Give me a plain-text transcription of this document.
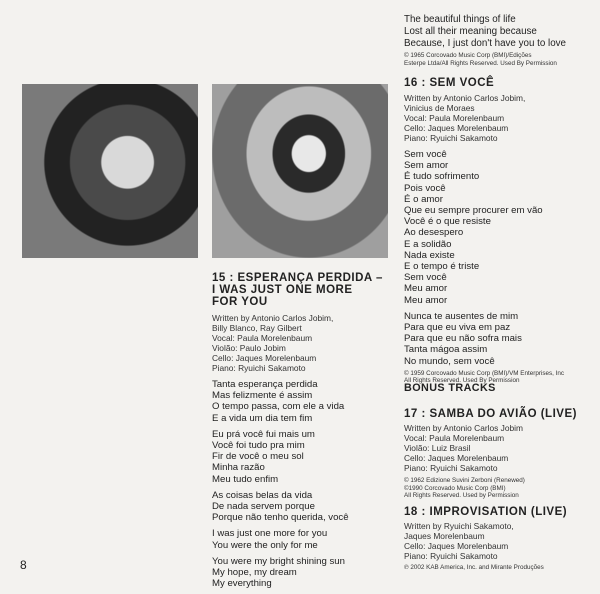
The beautiful things of life

Lost all their meaning because

Because, I just don't have you to love

© 1965 Corcovado Music Corp (BMI)/Edições

Esterpe Ltda/All Rights Reserved. Used By Permission

15 : ESPERANÇA PERDIDA –

I WAS JUST ONE MORE

FOR YOU

Written by Antonio Carlos Jobim,

Billy Blanco, Ray Gilbert

Vocal: Paula Morelenbaum

Violão: Paulo Jobim

Cello: Jaques Morelenbaum

Piano: Ryuichi Sakamoto

Tanta esperança perdida

Mas felizmente é assim

O tempo passa, com ele a vida

E a vida um dia tem fim

Eu prá você fui mais um

Você foi tudo pra mim

Fir de você o meu sol

Minha razão

Meu tudo enfim

As coisas belas da vida

De nada servem porque

Porque não tenho querida, você

I was just one more for you

You were the only for me

You were my bright shining sun

My hope, my dream

My everything

8
16 : SEM VOCÊ

Written by Antonio Carlos Jobim,

Vinicius de Moraes

Vocal: Paula Morelenbaum

Cello: Jaques Morelenbaum

Piano: Ryuichi Sakamoto

Sem você

Sem amor

É tudo sofrimento

Pois você

É o amor

Que eu sempre procurer em vão

Você é o que resiste

Ao desespero

E a solidão

Nada existe

E o tempo é triste

Sem você

Meu amor

Meu amor

Nunca te ausentes de mim

Para que eu viva em paz

Para que eu não sofra mais

Tanta mágoa assim

No mundo, sem você

© 1959 Corcovado Music Corp (BMI)/VM Enterprises, Inc

All Rights Reserved. Used By Permission

BONUS TRACKS
17 : SAMBA DO AVIÃO (LIVE)

Written by Antonio Carlos Jobim

Vocal: Paula Morelenbaum

Violão: Luiz Brasil

Cello: Jaques Morelenbaum

Piano: Ryuichi Sakamoto

© 1962 Edizione Suvini Zerboni (Renewed)

©1990 Corcovado Music Corp (BMI)

All Rights Reserved. Used by Permission

18 : IMPROVISATION (LIVE)

Written by Ryuichi Sakamoto,

Jaques Morelenbaum

Cello: Jaques Morelenbaum

Piano: Ryuichi Sakamoto

℗ 2002 KAB America, Inc. and Mirante Produções
